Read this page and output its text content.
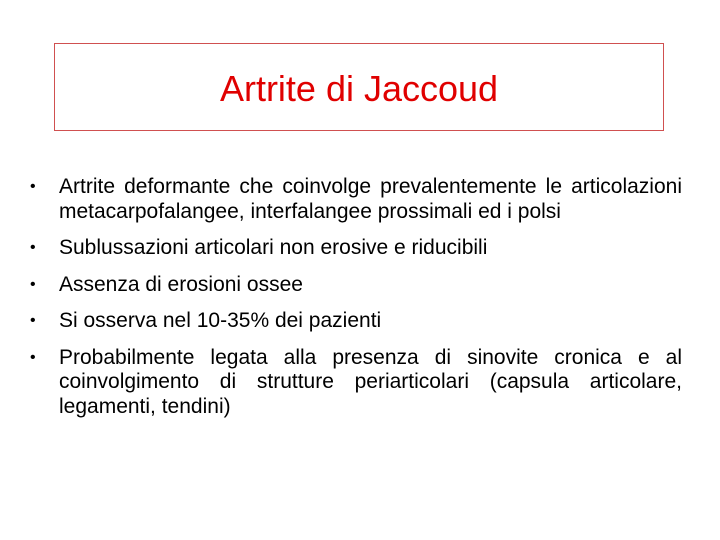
Artrite di Jaccoud
•	Artrite deformante che coinvolge prevalentemente le articolazioni metacarpofalangee, interfalangee prossimali ed i polsi
•	Sublussazioni articolari non erosive e riducibili
•	Assenza di erosioni ossee
•	Si osserva nel 10-35% dei pazienti
•	Probabilmente legata alla presenza di sinovite cronica e al coinvolgimento di strutture periarticolari (capsula articolare, legamenti, tendini)
